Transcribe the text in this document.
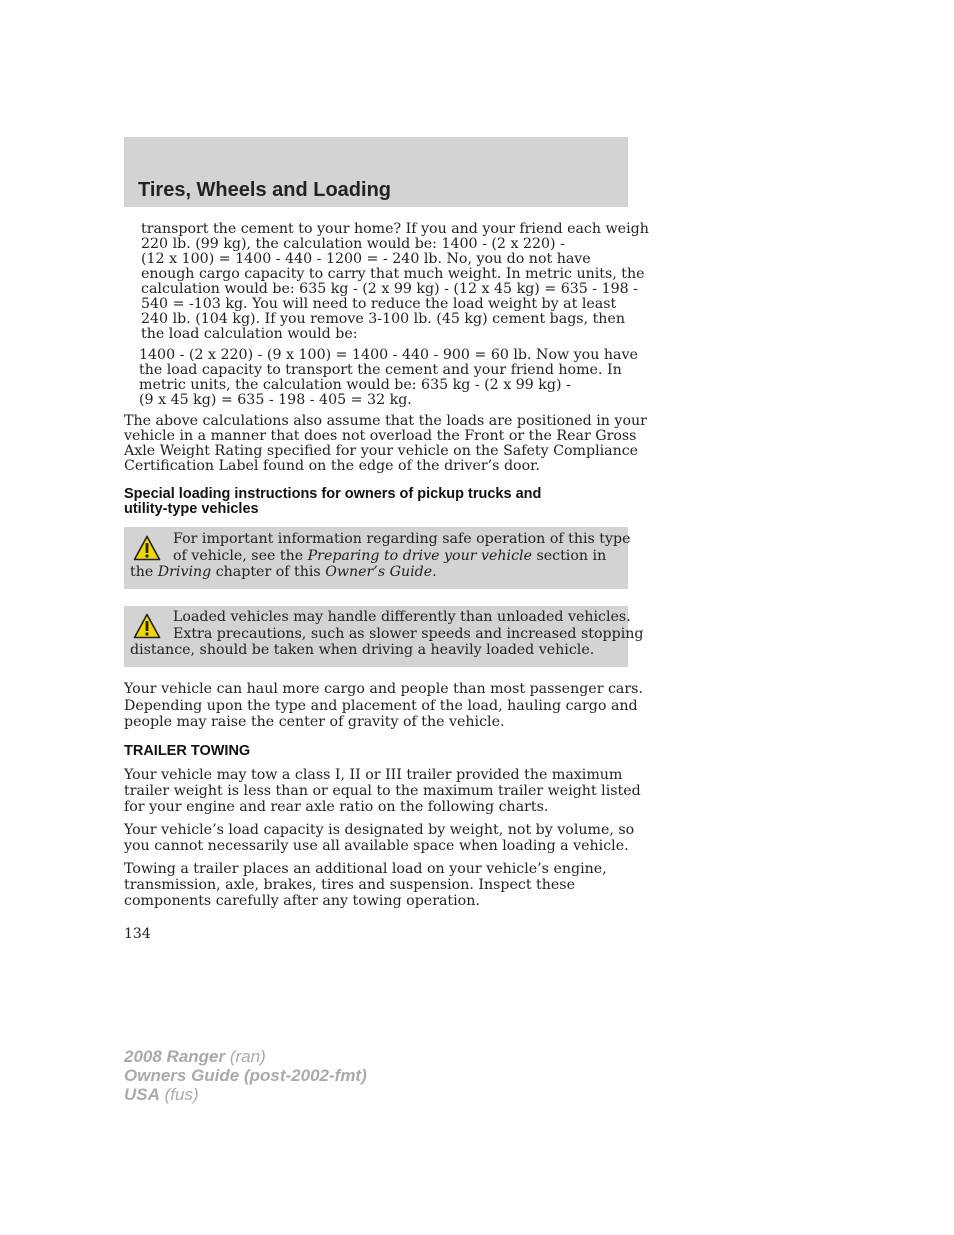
Tires, Wheels and Loading
transport the cement to your home? If you and your friend each weigh
220 lb. (99 kg), the calculation would be: 1400 - (2 x 220) -
(12 x 100) = 1400 - 440 - 1200 = - 240 lb. No, you do not have
enough cargo capacity to carry that much weight. In metric units, the
calculation would be: 635 kg - (2 x 99 kg) - (12 x 45 kg) = 635 - 198 -
540 = -103 kg. You will need to reduce the load weight by at least
240 lb. (104 kg). If you remove 3-100 lb. (45 kg) cement bags, then
the load calculation would be:
1400 - (2 x 220) - (9 x 100) = 1400 - 440 - 900 = 60 lb. Now you have
the load capacity to transport the cement and your friend home. In
metric units, the calculation would be: 635 kg - (2 x 99 kg) -
(9 x 45 kg) = 635 - 198 - 405 = 32 kg.
The above calculations also assume that the loads are positioned in your
vehicle in a manner that does not overload the Front or the Rear Gross
Axle Weight Rating specified for your vehicle on the Safety Compliance
Certification Label found on the edge of the driver’s door.
Special loading instructions for owners of pickup trucks and
utility-type vehicles
For important information regarding safe operation of this type
of vehicle, see the Preparing to drive your vehicle section in
the Driving chapter of this Owner’s Guide.
Loaded vehicles may handle differently than unloaded vehicles.
Extra precautions, such as slower speeds and increased stopping
distance, should be taken when driving a heavily loaded vehicle.
Your vehicle can haul more cargo and people than most passenger cars.
Depending upon the type and placement of the load, hauling cargo and
people may raise the center of gravity of the vehicle.
TRAILER TOWING
Your vehicle may tow a class I, II or III trailer provided the maximum
trailer weight is less than or equal to the maximum trailer weight listed
for your engine and rear axle ratio on the following charts.
Your vehicle’s load capacity is designated by weight, not by volume, so
you cannot necessarily use all available space when loading a vehicle.
Towing a trailer places an additional load on your vehicle’s engine,
transmission, axle, brakes, tires and suspension. Inspect these
components carefully after any towing operation.
134
2008 Ranger (ran)
Owners Guide (post-2002-fmt)
USA (fus)
